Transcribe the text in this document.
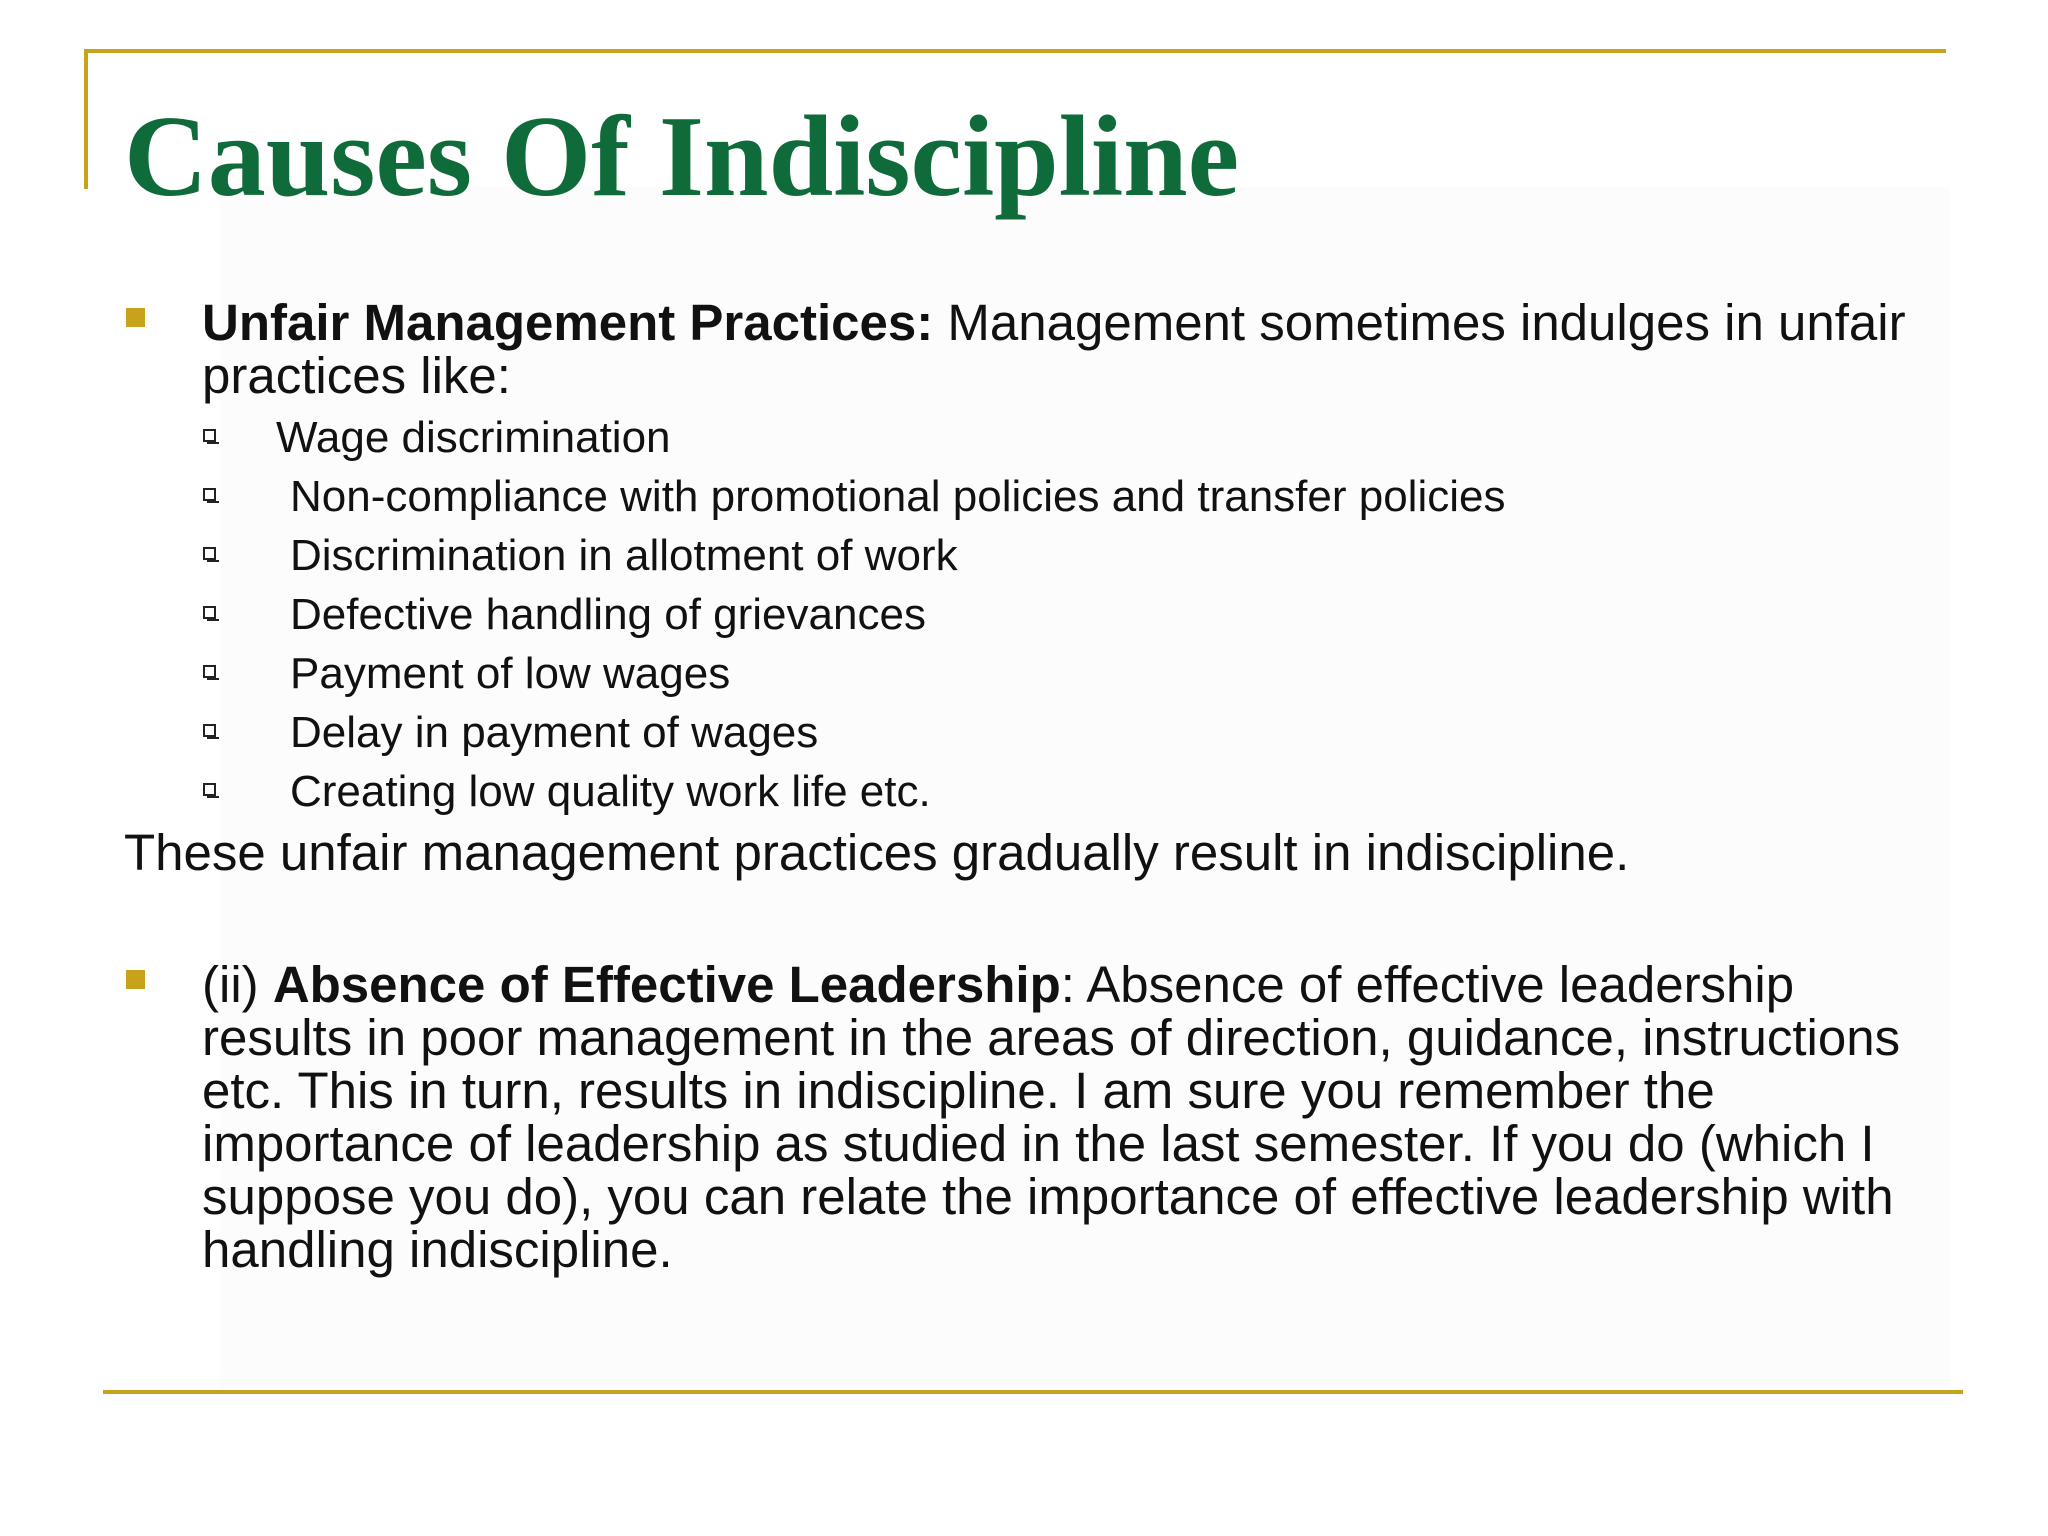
Causes Of Indiscipline
Unfair Management Practices: Management sometimes indulges in unfair practices like:
Wage discrimination
Non-compliance with promotional policies and transfer policies
Discrimination in allotment of work
Defective handling of grievances
Payment of low wages
Delay in payment of wages
Creating low quality work life etc.
These unfair management practices gradually result in indiscipline.
(ii) Absence of Effective Leadership: Absence of effective leadership results in poor management in the areas of direction, guidance, instructions etc. This in turn, results in indiscipline. I am sure you remember the importance of leadership as studied in the last semester. If you do (which I suppose you do), you can relate the importance of effective leadership with handling indiscipline.
